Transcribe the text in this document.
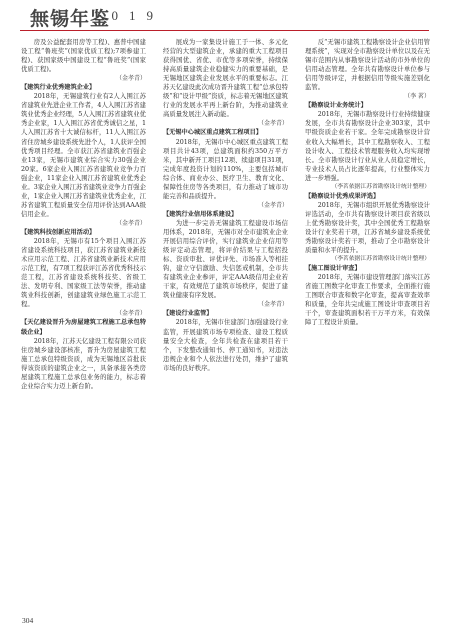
無锡年鉴
2019

房及公益配套用房等工程)、惠普中国建设工程“鲁班奖”(国家优质工程);7项参建工程)、获国家级中国建设工程“鲁班奖”(国家优质工程)。

（金孝青）

【建筑行业优秀建筑企业】

2018年，无锡建筑行业有2人入围江苏省建筑业先进企业工作者，4人入围江苏省建筑业优秀企业经理，5人入围江苏省建筑业优秀企业家，1人入围江苏省优秀诚信之星，1人入围江苏省十大诚信标杆，11人入围江苏省住房城乡建设系统先进个人，1人获评全国优秀项目经理。全市获江苏省建筑业百强企业13家，无锡市建筑业综合实力30强企业20家。6家企业入围江苏省建筑业竞争力百强企业，11家企业入围江苏省建筑业优秀企业。3家企业入围江苏省建筑业竞争力百强企业，1家企业入围江苏省建筑业优秀企业，江苏省建筑工程质量安全信用评价达到AAA级信用企业。

（金孝青）

【建筑科技创新应用活动】

2018年，无锡市有15个项目入围江苏省建设系统科技项目，获江苏省建筑业新技术应用示范工程、江苏省建筑业新技术应用示范工程，有7项工程获评江苏省优秀科技示范工程，江苏省建设系统科技奖、省级工法、发明专利、国家级工法等荣誉，推动建筑业科技创新，创建建筑业绿色施工示范工程。

（金孝青）

【天亿建设晋升为房屋建筑工程施工总承包特级企业】

2018年，江苏天亿建设工程有限公司获住房城乡建设部核准，晋升为房屋建筑工程施工总承包特级资质，成为无锡地区首批获得该资质的建筑企业之一，具备承接各类房屋建筑工程施工总承包业务的能力，标志着企业综合实力迈上新台阶。

展成为一家集设计施工于一体、多元化经营的大型建筑企业，承建的重大工程项目获得国优、省优、市优等多项荣誉，持续保持高质量建筑企业稳健实力的重要基础，是无锡地区建筑企业发展水平的重要标志。江苏天亿建设此次成功晋升建筑工程“总承包特级”和“设计甲级”资质，标志着无锡地区建筑行业的发展水平再上新台阶，为推动建筑业高质量发展注入新动能。

（金孝青）

【无锡中心城区重点建筑工程项目】

2018年，无锡市中心城区重点建筑工程项目共计43项，总建筑面积约350万平方米，其中新开工项目12项、续建项目31项，完成年度投资计划的110%，主要包括城市综合体、商业办公、医疗卫生、教育文化、保障性住房等各类项目，有力推动了城市功能完善和品质提升。

（金孝青）

【建筑行业信用体系建设】

为进一步完善无锡建筑工程建设市场信用体系，2018年，无锡市对全市建筑业企业开展信用综合评价，实行建筑业企业信用等级评定动态管理，将评价结果与工程招投标、资质审批、评优评先、市场准入等相挂钩，建立守信激励、失信惩戒机制，全市共有建筑业企业参评，评定AAA级信用企业若干家，有效规范了建筑市场秩序，促进了建筑业健康有序发展。

（金孝青）

【建设行业监管】

2018年，无锡市住建部门加强建设行业监管，开展建筑市场专项检查、建设工程质量安全大检查，全年共检查在建项目若干个，下发整改通知书、停工通知书，对违法违规企业和个人依法进行处罚，维护了建筑市场的良好秩序。

反“无锡市建筑工程勘察设计企业信用管理系统”，实现对全市勘察设计单位以及在无锡市范围内从事勘察设计活动的市外单位的信用动态管理。全年共有勘察设计单位参与信用等级评定，并根据信用等级实施差别化监管。

（李 茗）

【勘察设计业务统计】

2018年，无锡市勘察设计行业持续健康发展，全市共有勘察设计企业303家，其中甲级资质企业若干家。全年完成勘察设计营业收入大幅增长，其中工程勘察收入、工程设计收入、工程技术管理服务收入均实现增长。全市勘察设计行业从业人员稳定增长，专业技术人员占比逐年提高，行业整体实力进一步增强。

（李茗依据江苏省勘察设计统计整理）

【勘察设计优秀成果评选】

2018年，无锡市组织开展优秀勘察设计评选活动，全市共有勘察设计项目获省级以上优秀勘察设计奖，其中全国优秀工程勘察设计行业奖若干项，江苏省城乡建设系统优秀勘察设计奖若干项，推动了全市勘察设计质量和水平的提升。

（李茗依据江苏省勘察设计统计整理）

【施工图设计审查】

2018年，无锡市建设管理部门落实江苏省施工图数字化审查工作要求，全面推行施工图联合审查和数字化审查，提高审查效率和质量，全年共完成施工图设计审查项目若干个，审查建筑面积若干万平方米，有效保障了工程设计质量。

304
